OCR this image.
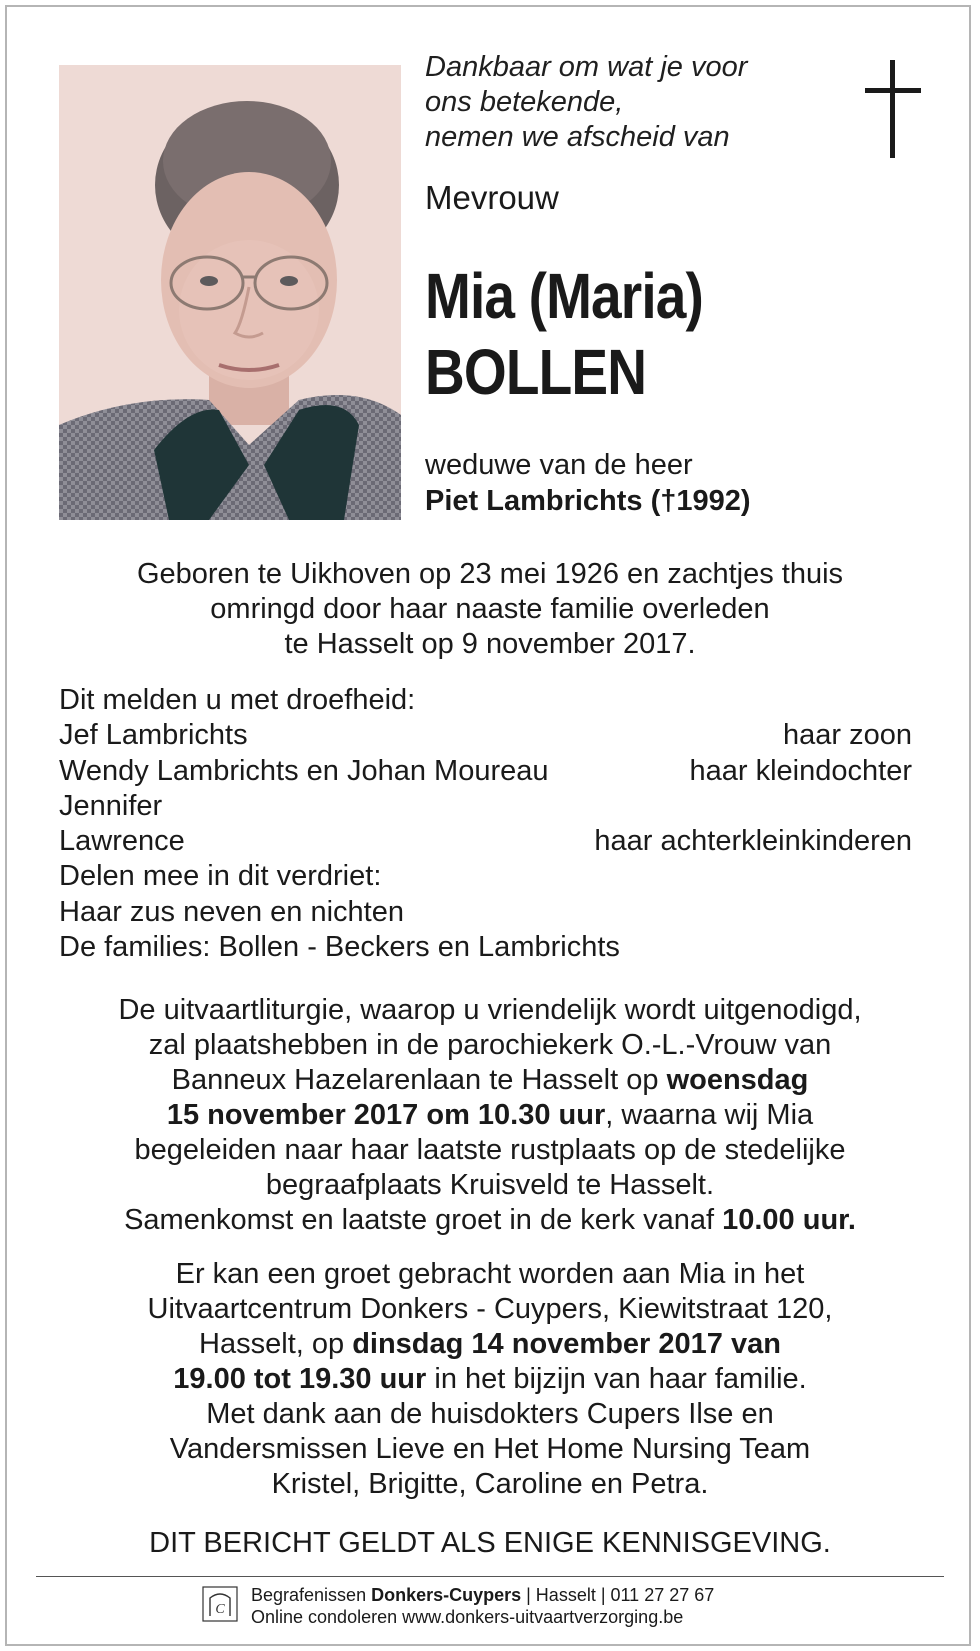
Dankbaar om wat je voor
ons betekende,
nemen we afscheid van
Mevrouw
Mia (Maria)
BOLLEN
weduwe van de heer
Piet Lambrichts (†1992)
Geboren te Uikhoven op 23 mei 1926 en zachtjes thuis
omringd door haar naaste familie overleden
te Hasselt op 9 november 2017.
Dit melden u met droefheid:
Jef Lambrichts	haar zoon
Wendy Lambrichts en Johan Moureau	haar kleindochter
Jennifer
Lawrence	haar achterkleinkinderen
Delen mee in dit verdriet:
Haar zus neven en nichten
De families: Bollen - Beckers en Lambrichts
De uitvaartliturgie, waarop u vriendelijk wordt uitgenodigd,
zal plaatshebben in de parochiekerk O.-L.-Vrouw van
Banneux Hazelarenlaan te Hasselt op woensdag
15 november 2017 om 10.30 uur, waarna wij Mia
begeleiden naar haar laatste rustplaats op de stedelijke
begraafplaats Kruisveld te Hasselt.
Samenkomst en laatste groet in de kerk vanaf 10.00 uur.
Er kan een groet gebracht worden aan Mia in het
Uitvaartcentrum Donkers - Cuypers, Kiewitstraat 120,
Hasselt, op dinsdag 14 november 2017 van
19.00 tot 19.30 uur in het bijzijn van haar familie.
Met dank aan de huisdokters Cupers Ilse en
Vandersmissen Lieve en Het Home Nursing Team
Kristel, Brigitte, Caroline en Petra.
DIT BERICHT GELDT ALS ENIGE KENNISGEVING.
C
Begrafenissen Donkers-Cuypers | Hasselt | 011 27 27 67
Online condoleren www.donkers-uitvaartverzorging.be
